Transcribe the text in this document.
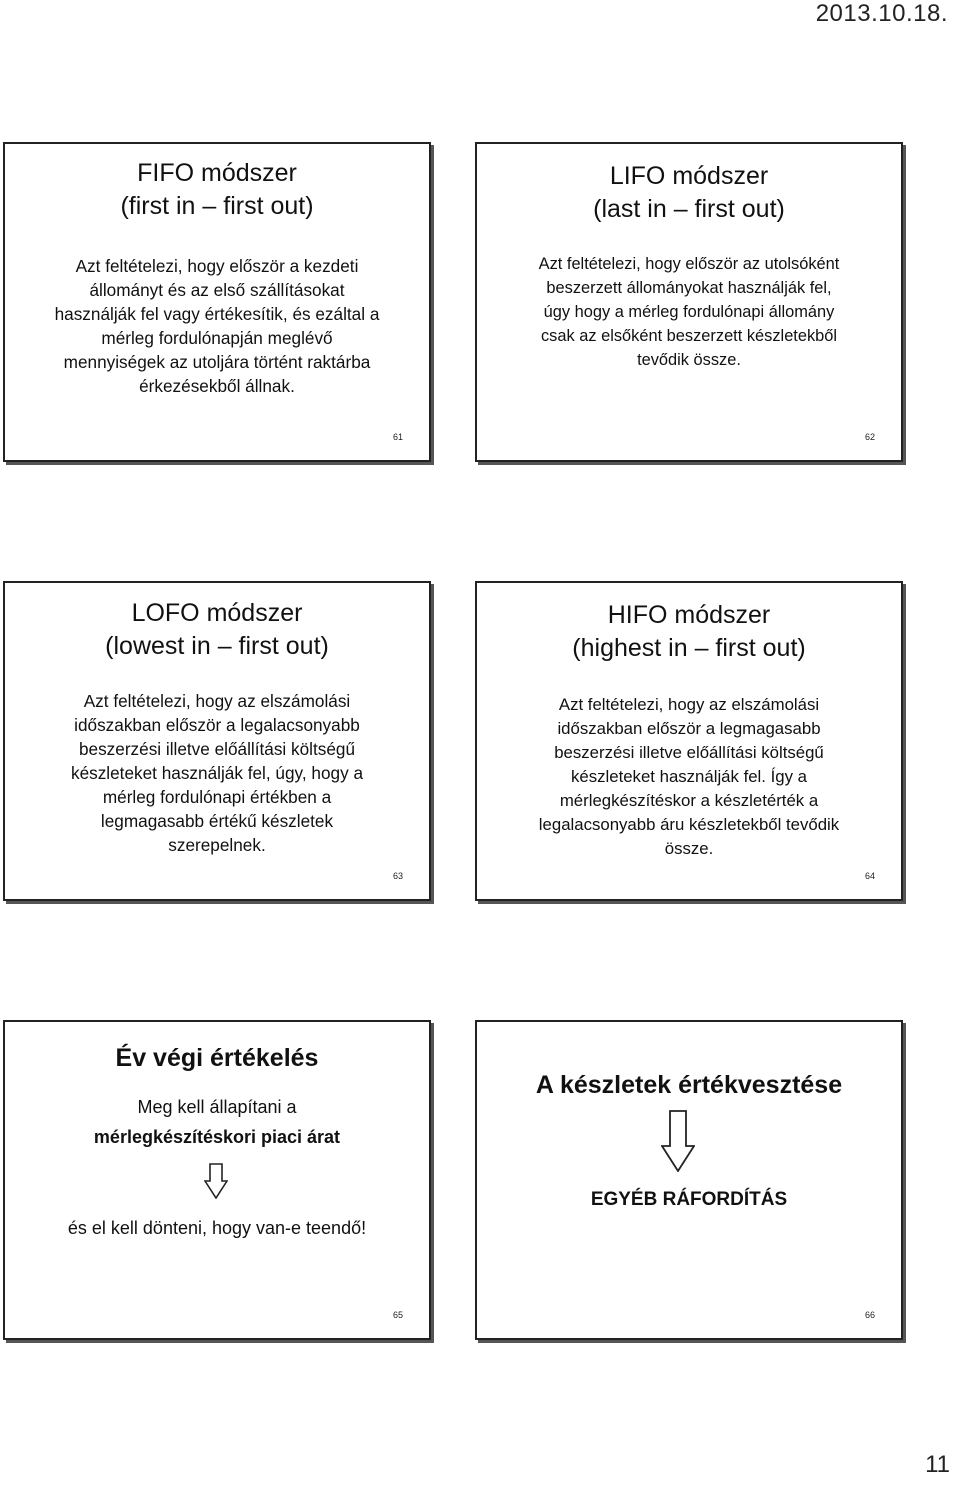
2013.10.18.
FIFO módszer
(first in – first out)
Azt feltételezi, hogy először a kezdeti
állományt és az első szállításokat
használják fel vagy értékesítik, és ezáltal a
mérleg fordulónapján meglévő
mennyiségek az utoljára történt raktárba
érkezésekből állnak.
61
LIFO módszer
(last in – first out)
Azt feltételezi, hogy először az utolsóként
beszerzett állományokat használják fel,
úgy hogy a mérleg fordulónapi állomány
csak az elsőként beszerzett készletekből
tevődik össze.
62
LOFO módszer
(lowest in – first out)
Azt feltételezi, hogy az elszámolási
időszakban először a legalacsonyabb
beszerzési illetve előállítási költségű
készleteket használják fel, úgy, hogy a
mérleg fordulónapi értékben a
legmagasabb értékű készletek
szerepelnek.
63
HIFO módszer
(highest in – first out)
Azt feltételezi, hogy az elszámolási
időszakban először a legmagasabb
beszerzési illetve előállítási költségű
készleteket használják fel. Így a
mérlegkészítéskor a készletérték a
legalacsonyabb áru készletekből tevődik
össze.
64
Év végi értékelés
Meg kell állapítani a
mérlegkészítéskori piaci árat
és el kell dönteni, hogy van-e teendő!
65
A készletek értékvesztése
EGYÉB RÁFORDÍTÁS
66
11
